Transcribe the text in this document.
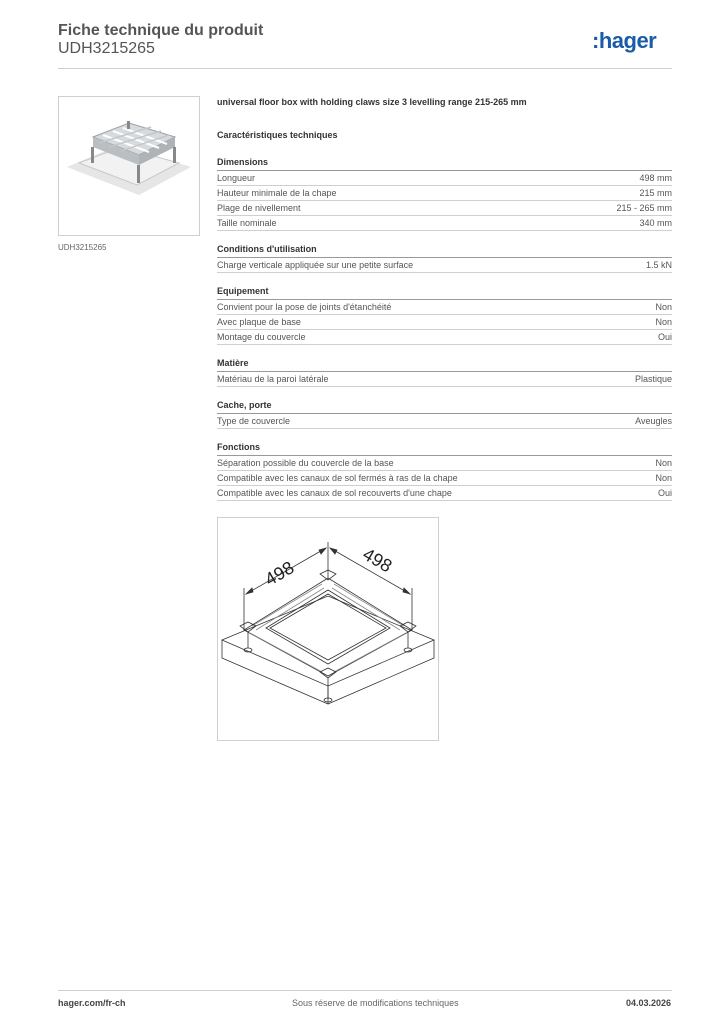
Fiche technique du produit
UDH3215265	:hager
UDH3215265
universal floor box with holding claws size 3 levelling range 215-265 mm
Caractéristiques techniques
Dimensions
Longueur	498 mm
Hauteur minimale de la chape	215 mm
Plage de nivellement	215 - 265 mm
Taille nominale	340 mm
Conditions d'utilisation
Charge verticale appliquée sur une petite surface	1.5 kN
Equipement
Convient pour la pose de joints d'étanchéité	Non
Avec plaque de base	Non
Montage du couvercle	Oui
Matière
Matériau de la paroi latérale	Plastique
Cache, porte
Type de couvercle	Aveugles
Fonctions
Séparation possible du couvercle de la base	Non
Compatible avec les canaux de sol fermés à ras de la chape	Non
Compatible avec les canaux de sol recouverts d'une chape	Oui
498	498
hager.com/fr-ch	Sous réserve de modifications techniques	04.03.2026
